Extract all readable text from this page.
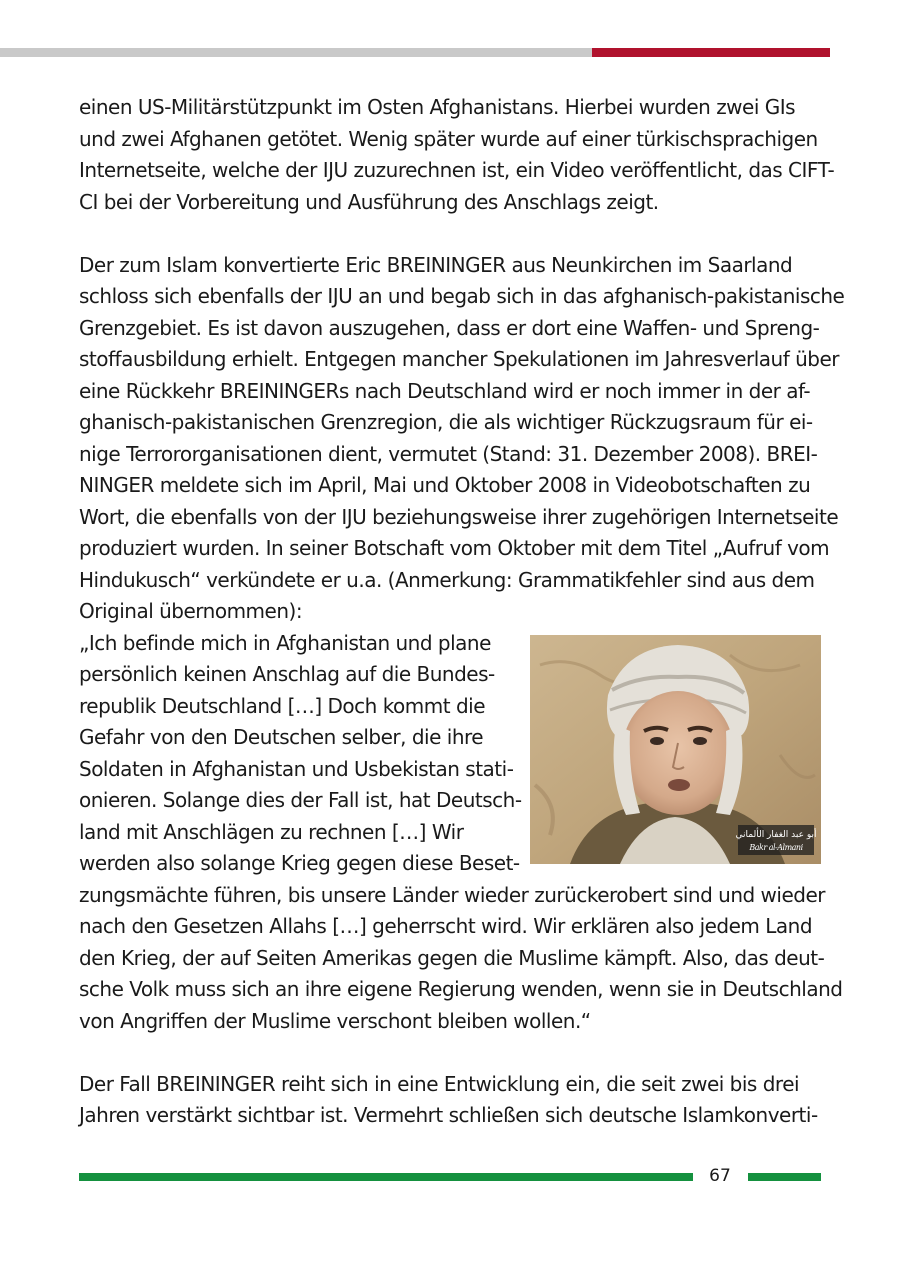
einen US-Militärstützpunkt im Osten Afghanistans. Hierbei wurden zwei GIs
und zwei Afghanen getötet. Wenig später wurde auf einer türkischsprachigen
Internetseite, welche der IJU zuzurechnen ist, ein Video veröffentlicht, das CIFT-
CI bei der Vorbereitung und Ausführung des Anschlags zeigt.
Der zum Islam konvertierte Eric BREININGER aus Neunkirchen im Saarland
schloss sich ebenfalls der IJU an und begab sich in das afghanisch-pakistanische
Grenzgebiet. Es ist davon auszugehen, dass er dort eine Waffen- und Spreng-
stoffausbildung erhielt. Entgegen mancher Spekulationen im Jahresverlauf über
eine Rückkehr BREININGERs nach Deutschland wird er noch immer in der af-
ghanisch-pakistanischen Grenzregion, die als wichtiger Rückzugsraum für ei-
nige Terrororganisationen dient, vermutet (Stand: 31. Dezember 2008). BREI-
NINGER meldete sich im April, Mai und Oktober 2008 in Videobotschaften zu
Wort, die ebenfalls von der IJU beziehungsweise ihrer zugehörigen Internetseite
produziert wurden. In seiner Botschaft vom Oktober mit dem Titel „Aufruf vom
Hindukusch“ verkündete er u.a. (Anmerkung: Grammatikfehler sind aus dem
Original übernommen):
„Ich befinde mich in Afghanistan und plane
persönlich keinen Anschlag auf die Bundes-
republik Deutschland […] Doch kommt die
Gefahr von den Deutschen selber, die ihre
Soldaten in Afghanistan und Usbekistan stati-
onieren. Solange dies der Fall ist, hat Deutsch-
land mit Anschlägen zu rechnen […] Wir
werden also solange Krieg gegen diese Beset-
أبو عبد الغفار الألماني
Bakr al-Almani
zungsmächte führen, bis unsere Länder wieder zurückerobert sind und wieder
nach den Gesetzen Allahs […] geherrscht wird. Wir erklären also jedem Land
den Krieg, der auf Seiten Amerikas gegen die Muslime kämpft. Also, das deut-
sche Volk muss sich an ihre eigene Regierung wenden, wenn sie in Deutschland
von Angriffen der Muslime verschont bleiben wollen.“
Der Fall BREININGER reiht sich in eine Entwicklung ein, die seit zwei bis drei
Jahren verstärkt sichtbar ist. Vermehrt schließen sich deutsche Islamkonverti-
67
